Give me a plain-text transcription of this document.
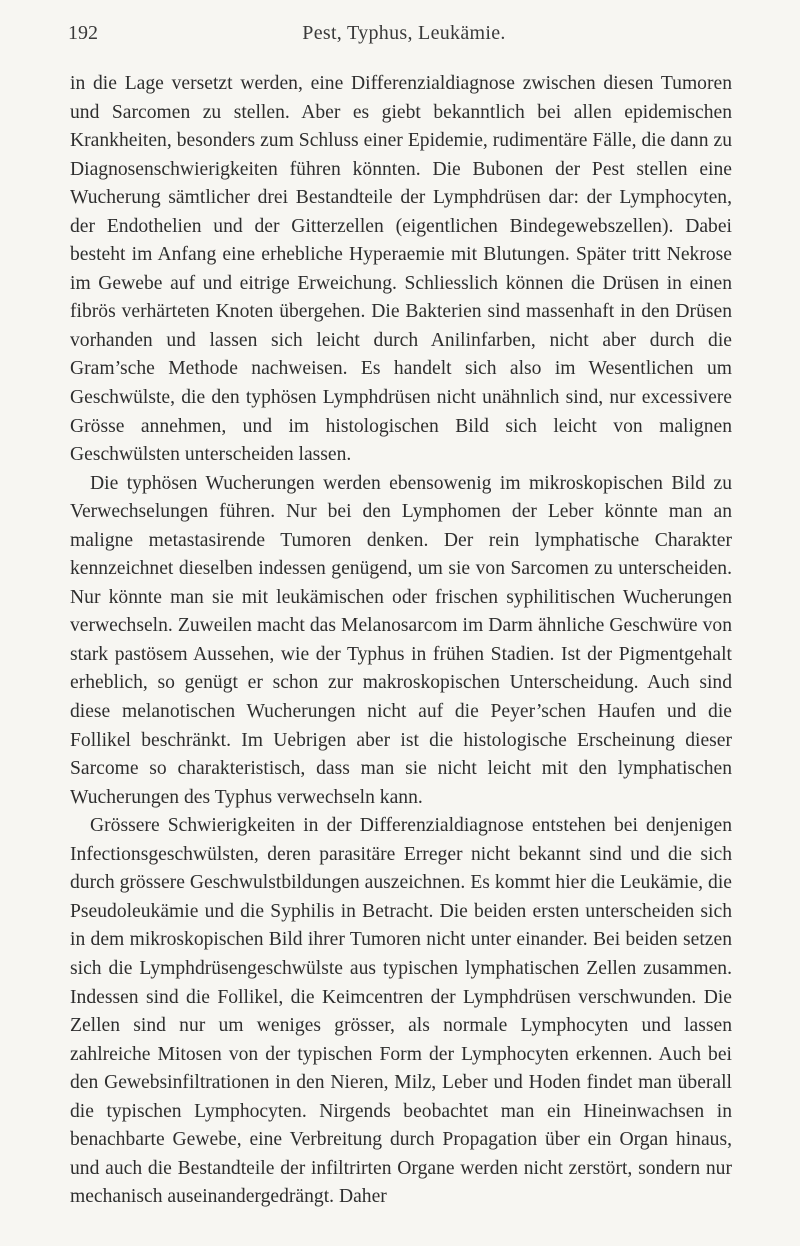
192	Pest, Typhus, Leukämie.

in die Lage versetzt werden, eine Differenzialdiagnose zwischen diesen Tumoren und Sarcomen zu stellen. Aber es giebt bekanntlich bei allen epidemischen Krankheiten, besonders zum Schluss einer Epidemie, rudimentäre Fälle, die dann zu Diagnosenschwierigkeiten führen könnten. Die Bubonen der Pest stellen eine Wucherung sämtlicher drei Bestandteile der Lymphdrüsen dar: der Lymphocyten, der Endothelien und der Gitterzellen (eigentlichen Bindegewebszellen). Dabei besteht im Anfang eine erhebliche Hyperaemie mit Blutungen. Später tritt Nekrose im Gewebe auf und eitrige Erweichung. Schliesslich können die Drüsen in einen fibrös verhärteten Knoten übergehen. Die Bakterien sind massenhaft in den Drüsen vorhanden und lassen sich leicht durch Anilinfarben, nicht aber durch die Gram’sche Methode nachweisen. Es handelt sich also im Wesentlichen um Geschwülste, die den typhösen Lymphdrüsen nicht unähnlich sind, nur excessivere Grösse annehmen, und im histologischen Bild sich leicht von malignen Geschwülsten unterscheiden lassen.

Die typhösen Wucherungen werden ebensowenig im mikroskopischen Bild zu Verwechselungen führen. Nur bei den Lymphomen der Leber könnte man an maligne metastasirende Tumoren denken. Der rein lymphatische Charakter kennzeichnet dieselben indessen genügend, um sie von Sarcomen zu unterscheiden. Nur könnte man sie mit leukämischen oder frischen syphilitischen Wucherungen verwechseln. Zuweilen macht das Melanosarcom im Darm ähnliche Geschwüre von stark pastösem Aussehen, wie der Typhus in frühen Stadien. Ist der Pigmentgehalt erheblich, so genügt er schon zur makroskopischen Unterscheidung. Auch sind diese melanotischen Wucherungen nicht auf die Peyer’schen Haufen und die Follikel beschränkt. Im Uebrigen aber ist die histologische Erscheinung dieser Sarcome so charakteristisch, dass man sie nicht leicht mit den lymphatischen Wucherungen des Typhus verwechseln kann.

Grössere Schwierigkeiten in der Differenzialdiagnose entstehen bei denjenigen Infectionsgeschwülsten, deren parasitäre Erreger nicht bekannt sind und die sich durch grössere Geschwulstbildungen auszeichnen. Es kommt hier die Leukämie, die Pseudoleukämie und die Syphilis in Betracht. Die beiden ersten unterscheiden sich in dem mikroskopischen Bild ihrer Tumoren nicht unter einander. Bei beiden setzen sich die Lymphdrüsengeschwülste aus typischen lymphatischen Zellen zusammen. Indessen sind die Follikel, die Keimcentren der Lymphdrüsen verschwunden. Die Zellen sind nur um weniges grösser, als normale Lymphocyten und lassen zahlreiche Mitosen von der typischen Form der Lymphocyten erkennen. Auch bei den Gewebsinfiltrationen in den Nieren, Milz, Leber und Hoden findet man überall die typischen Lymphocyten. Nirgends beobachtet man ein Hineinwachsen in benachbarte Gewebe, eine Verbreitung durch Propagation über ein Organ hinaus, und auch die Bestandteile der infiltrirten Organe werden nicht zerstört, sondern nur mechanisch auseinandergedrängt. Daher
